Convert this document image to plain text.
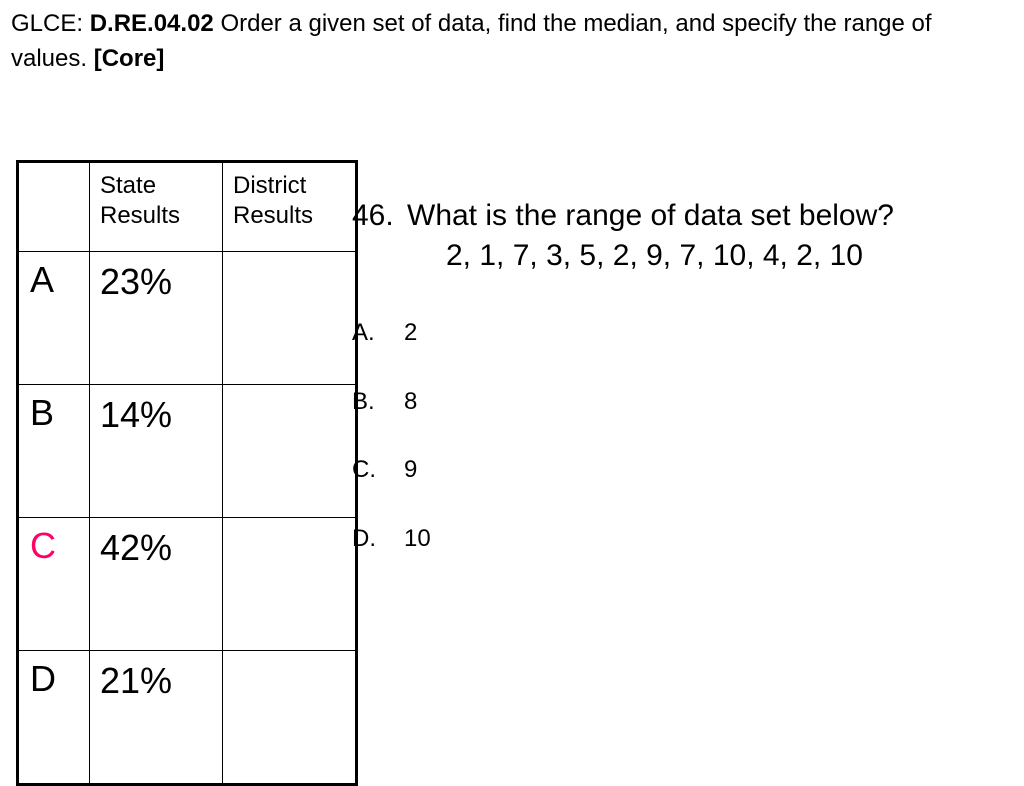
GLCE: D.RE.04.02 Order a given set of data, find the median, and specify the range of values. [Core]
	State Results	District Results
A	23%	
B	14%	
C	42%	
D	21%	
46. What is the range of data set below?
2, 1, 7, 3, 5, 2, 9, 7, 10, 4, 2, 10
A. 2
B. 8
C. 9
D. 10
